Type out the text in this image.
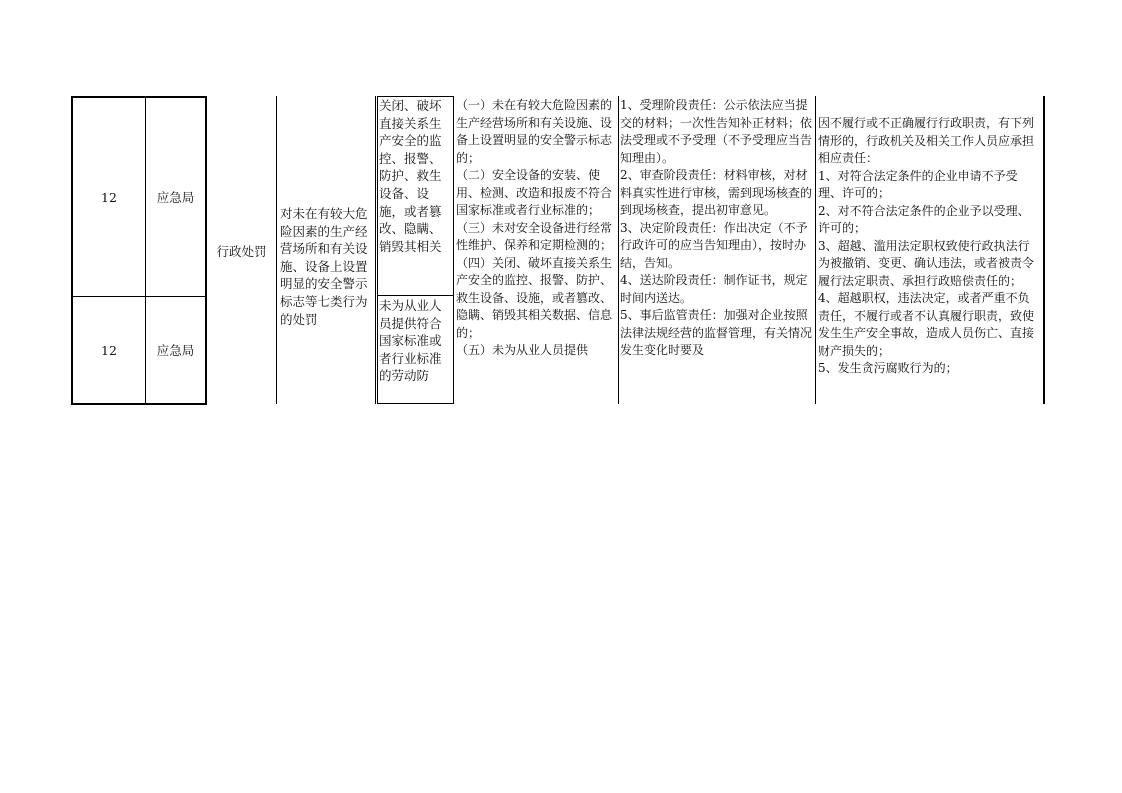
12	应急局
关闭、破坏直接关系生产安全的监控、报警、防护、救生设备、设施，或者篡改、隐瞒、销毁其相关
12	应急局
未为从业人员提供符合国家标准或者行业标准的劳动防
行政处罚
对未在有较大危险因素的生产经营场所和有关设施、设备上设置明显的安全警示标志等七类行为的处罚
（一）未在有较大危险因素的生产经营场所和有关设施、设备上设置明显的安全警示标志的；
（二）安全设备的安装、使用、检测、改造和报废不符合国家标准或者行业标准的；
（三）未对安全设备进行经常性维护、保养和定期检测的；
（四）关闭、破坏直接关系生产安全的监控、报警、防护、救生设备、设施，或者篡改、隐瞒、销毁其相关数据、信息的；
（五）未为从业人员提供
1、受理阶段责任：公示依法应当提交的材料；一次性告知补正材料；依法受理或不予受理（不予受理应当告知理由）。
2、审查阶段责任：材料审核，对材料真实性进行审核，需到现场核查的到现场核查，提出初审意见。
3、决定阶段责任：作出决定（不予行政许可的应当告知理由），按时办结，告知。
4、送达阶段责任：制作证书，规定时间内送达。
5、事后监管责任：加强对企业按照法律法规经营的监督管理，有关情况发生变化时要及
因不履行或不正确履行行政职责，有下列情形的，行政机关及相关工作人员应承担相应责任：
1、对符合法定条件的企业申请不予受理、许可的；
2、对不符合法定条件的企业予以受理、许可的；
3、超越、滥用法定职权致使行政执法行为被撤销、变更、确认违法，或者被责令履行法定职责、承担行政赔偿责任的；
4、超越职权，违法决定，或者严重不负责任，不履行或者不认真履行职责，致使发生生产安全事故，造成人员伤亡、直接财产损失的；
5、发生贪污腐败行为的；
